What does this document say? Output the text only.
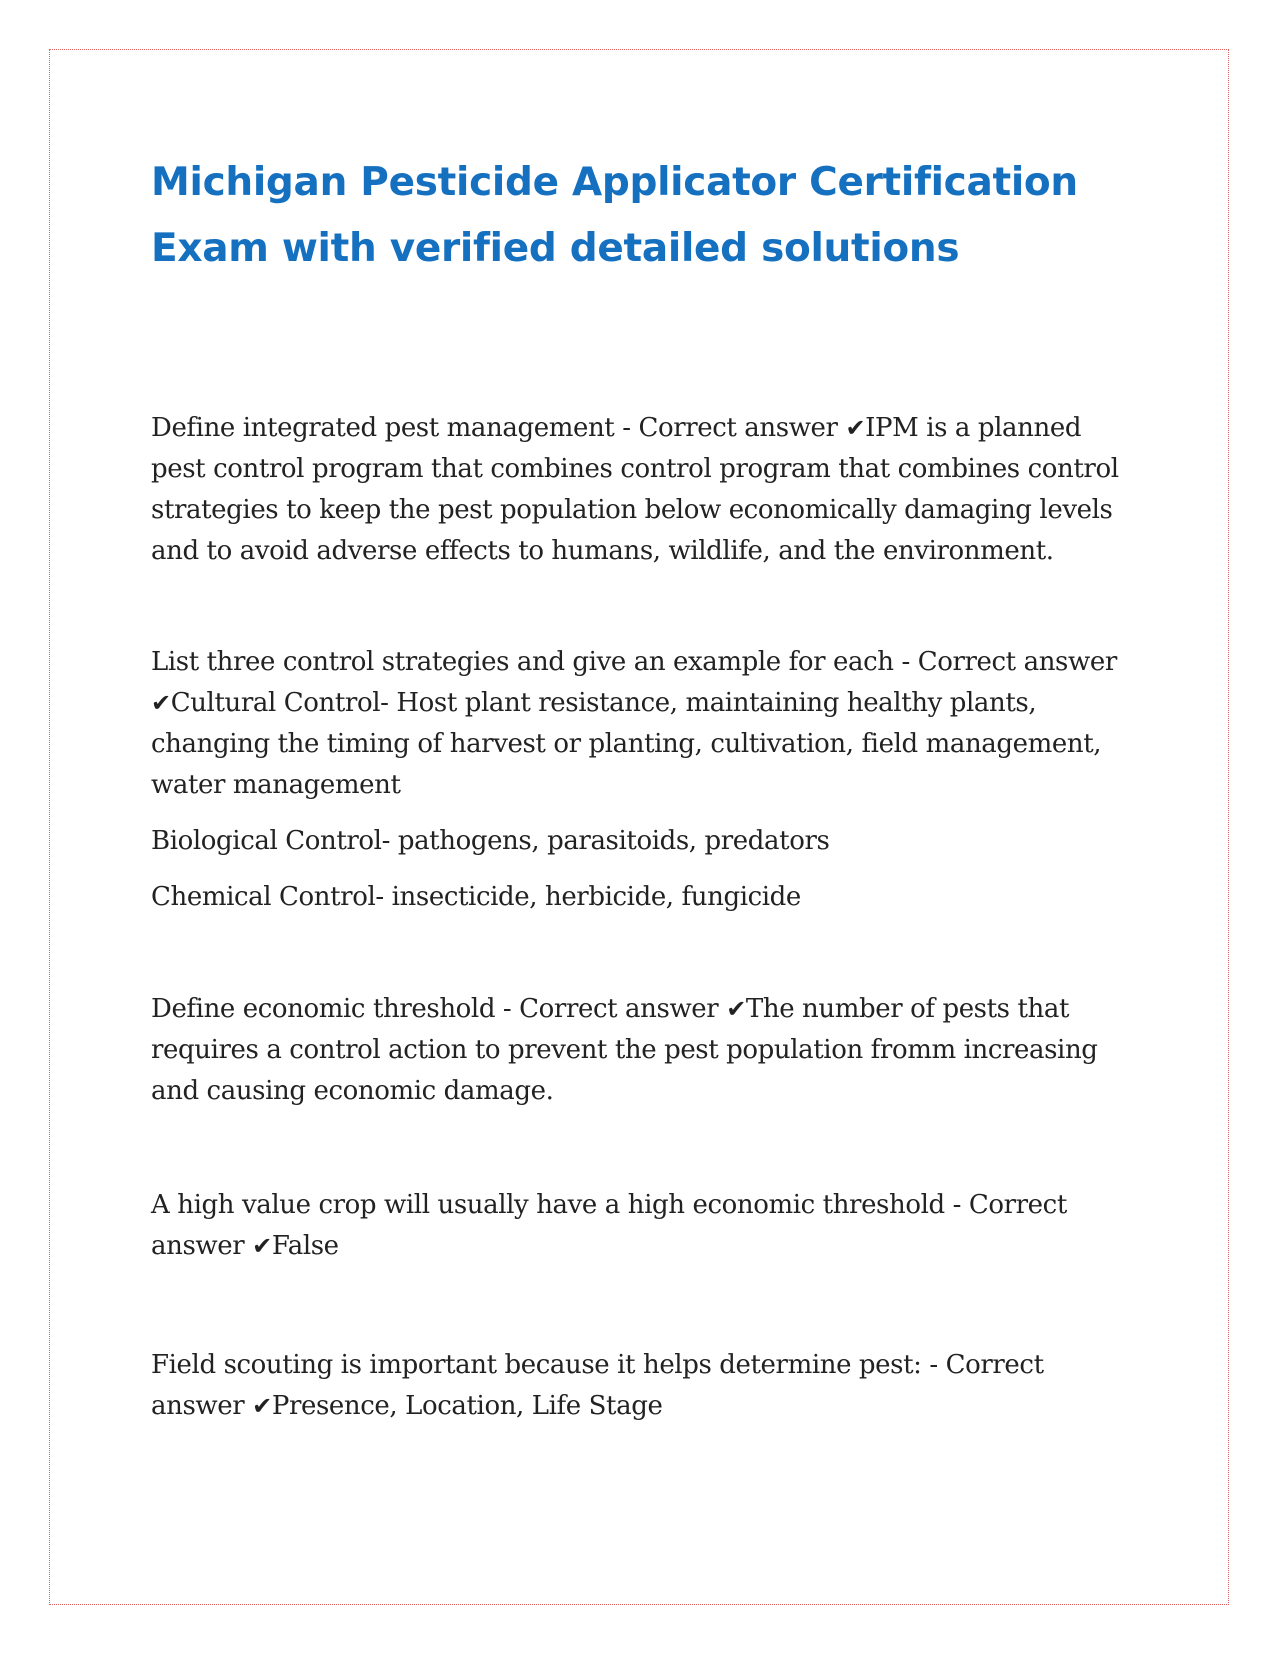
Michigan Pesticide Applicator Certification
Exam with verified detailed solutions

Define integrated pest management - Correct answer ✔IPM is a planned pest control program that combines control program that combines control strategies to keep the pest population below economically damaging levels and to avoid adverse effects to humans, wildlife, and the environment.

List three control strategies and give an example for each - Correct answer ✔Cultural Control- Host plant resistance, maintaining healthy plants, changing the timing of harvest or planting, cultivation, field management, water management

Biological Control- pathogens, parasitoids, predators

Chemical Control- insecticide, herbicide, fungicide

Define economic threshold - Correct answer ✔The number of pests that requires a control action to prevent the pest population fromm increasing and causing economic damage.

A high value crop will usually have a high economic threshold - Correct answer ✔False

Field scouting is important because it helps determine pest: - Correct answer ✔Presence, Location, Life Stage
